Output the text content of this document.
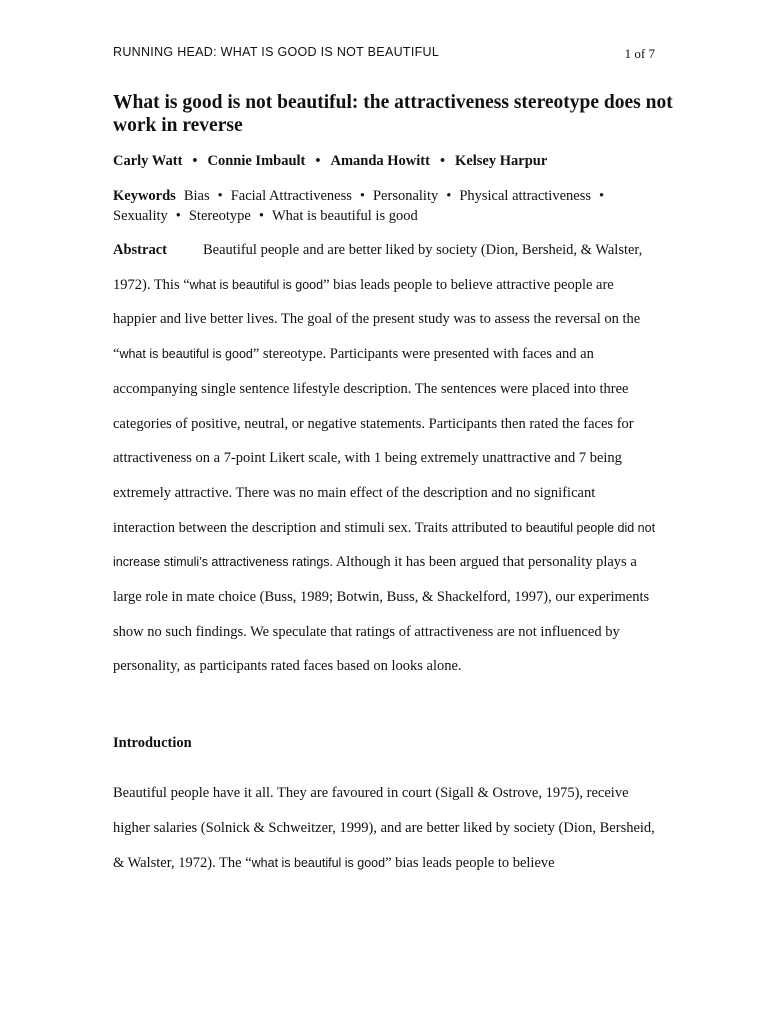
RUNNING HEAD: WHAT IS GOOD IS NOT BEAUTIFUL	1 of 7
What is good is not beautiful: the attractiveness stereotype does not work in reverse
Carly Watt • Connie Imbault • Amanda Howitt • Kelsey Harpur
Keywords Bias • Facial Attractiveness • Personality • Physical attractiveness •
Sexuality • Stereotype • What is beautiful is good

Abstract Beautiful people and are better liked by society (Dion, Bersheid, & Walster, 1972). This “what is beautiful is good” bias leads people to believe attractive people are happier and live better lives. The goal of the present study was to assess the reversal on the “what is beautiful is good” stereotype. Participants were presented with faces and an accompanying single sentence lifestyle description. The sentences were placed into three categories of positive, neutral, or negative statements. Participants then rated the faces for attractiveness on a 7-point Likert scale, with 1 being extremely unattractive and 7 being extremely attractive. There was no main effect of the description and no significant interaction between the description and stimuli sex. Traits attributed to beautiful people did not increase stimuli’s attractiveness ratings. Although it has been argued that personality plays a large role in mate choice (Buss, 1989; Botwin, Buss, & Shackelford, 1997), our experiments show no such findings. We speculate that ratings of attractiveness are not influenced by personality, as participants rated faces based on looks alone.

Introduction

Beautiful people have it all. They are favoured in court (Sigall & Ostrove, 1975), receive higher salaries (Solnick & Schweitzer, 1999), and are better liked by society (Dion, Bersheid, & Walster, 1972). The “what is beautiful is good” bias leads people to believe
